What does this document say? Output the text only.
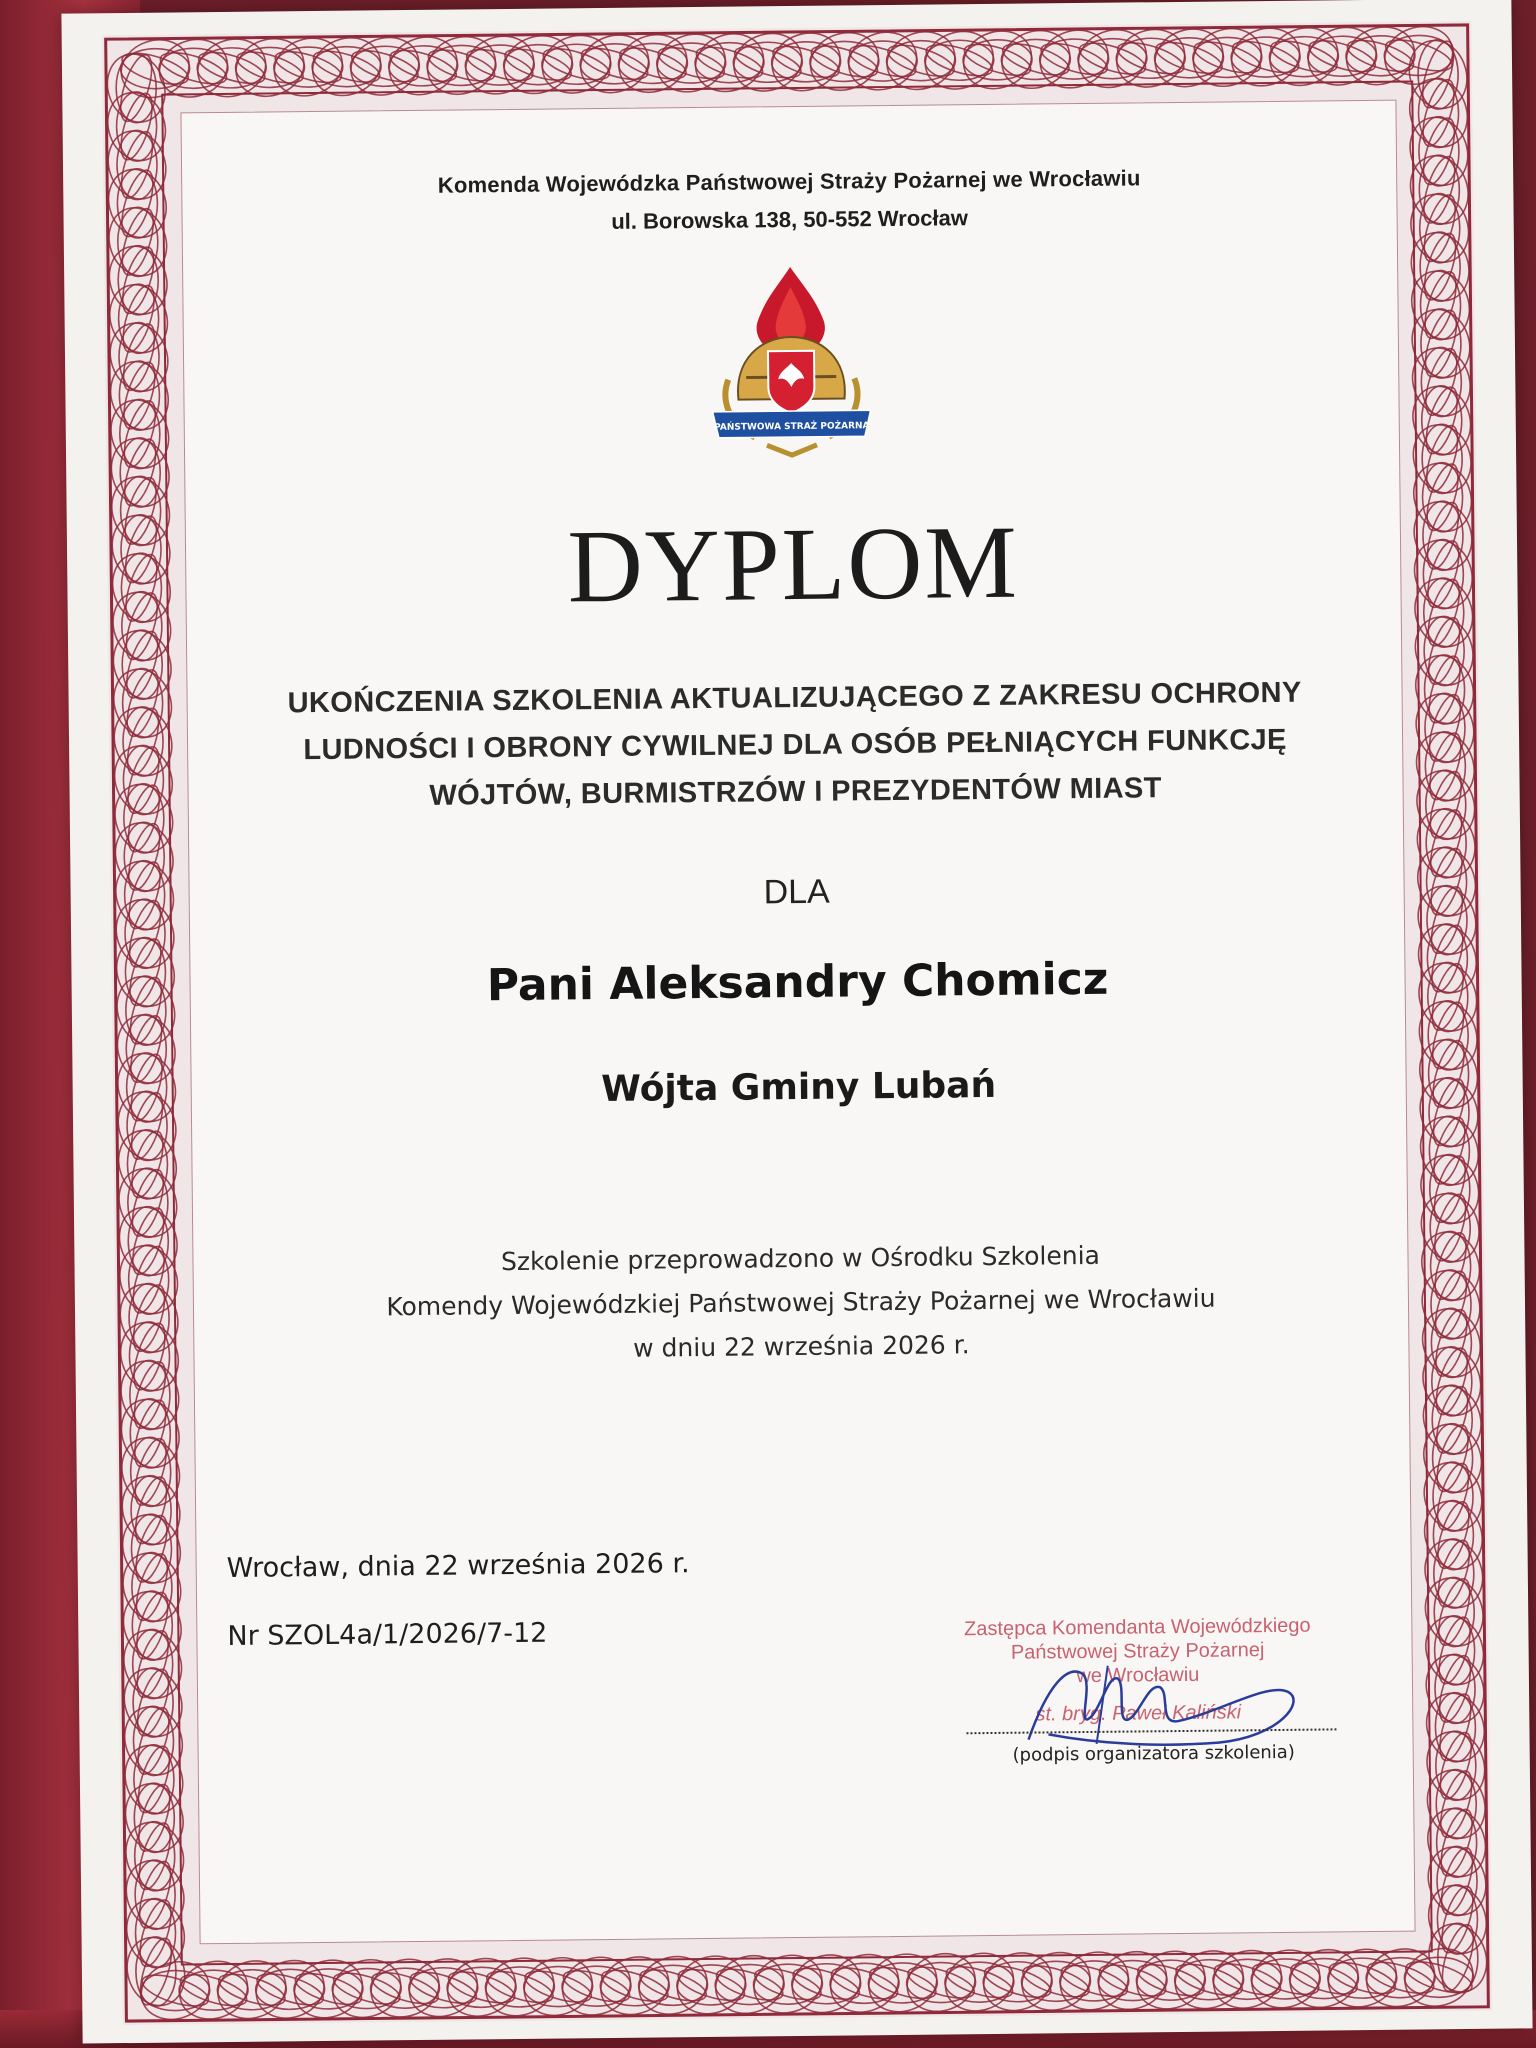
Komenda Wojewódzka Państwowej Straży Pożarnej we Wrocławiu
ul. Borowska 138, 50-552 Wrocław
PAŃSTWOWA STRAŻ POŻARNA
DYPLOM
UKOŃCZENIA SZKOLENIA AKTUALIZUJĄCEGO Z ZAKRESU OCHRONY
LUDNOŚCI I OBRONY CYWILNEJ DLA OSÓB PEŁNIĄCYCH FUNKCJĘ
WÓJTÓW, BURMISTRZÓW I PREZYDENTÓW MIAST
DLA
Pani Aleksandry Chomicz
Wójta Gminy Lubań
Szkolenie przeprowadzono w Ośrodku Szkolenia
Komendy Wojewódzkiej Państwowej Straży Pożarnej we Wrocławiu
w dniu 22 września 2026 r.
Wrocław, dnia 22 września 2026 r.
Nr SZOL4a/1/2026/7-12	Zastępca Komendanta Wojewódzkiego
Państwowej Straży Pożarnej
we Wrocławiu
st. bryg. Paweł Kaliński
(podpis organizatora szkolenia)
